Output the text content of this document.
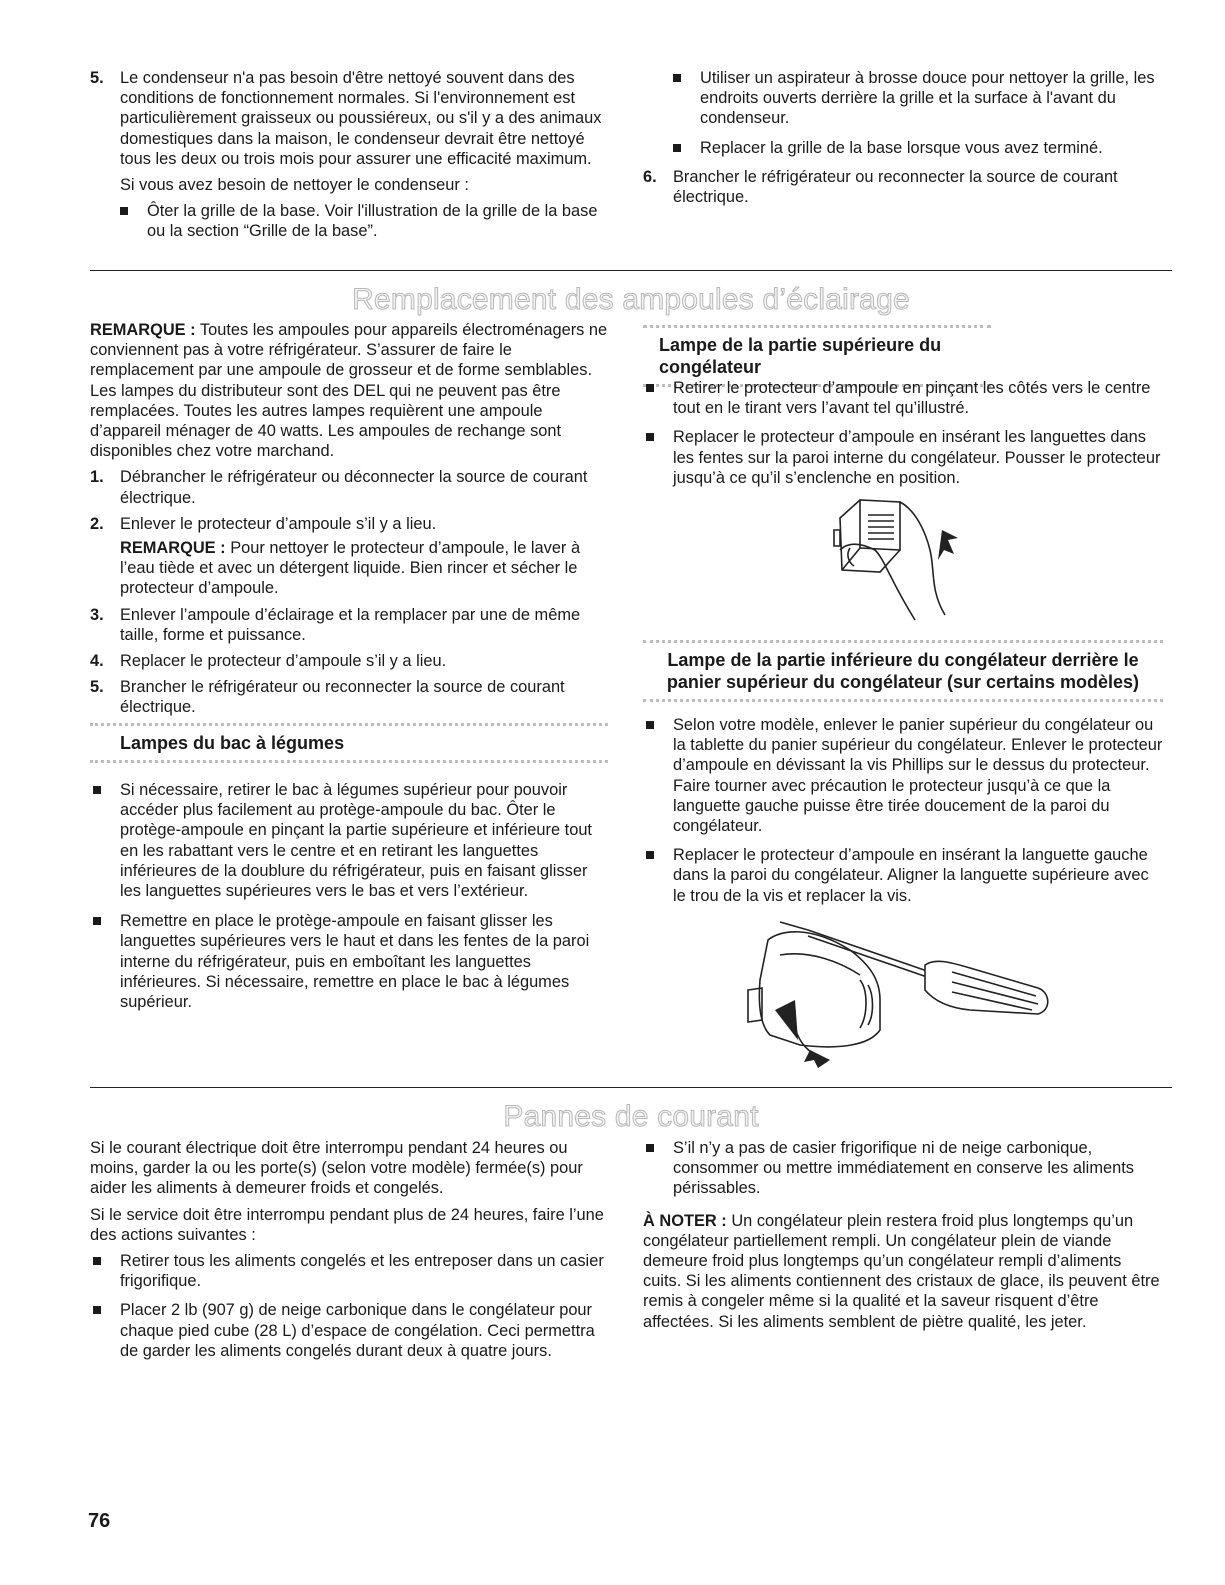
5. Le condenseur n'a pas besoin d'être nettoyé souvent dans des conditions de fonctionnement normales. Si l'environnement est particulièrement graisseux ou poussiéreux, ou s'il y a des animaux domestiques dans la maison, le condenseur devrait être nettoyé tous les deux ou trois mois pour assurer une efficacité maximum.

Si vous avez besoin de nettoyer le condenseur :

Ôter la grille de la base. Voir l'illustration de la grille de la base ou la section “Grille de la base”.

Utiliser un aspirateur à brosse douce pour nettoyer la grille, les endroits ouverts derrière la grille et la surface à l'avant du condenseur.

Replacer la grille de la base lorsque vous avez terminé.

6. Brancher le réfrigérateur ou reconnecter la source de courant électrique.

Remplacement des ampoules d’éclairage

REMARQUE : Toutes les ampoules pour appareils électroménagers ne conviennent pas à votre réfrigérateur. S’assurer de faire le remplacement par une ampoule de grosseur et de forme semblables. Les lampes du distributeur sont des DEL qui ne peuvent pas être remplacées. Toutes les autres lampes requièrent une ampoule d’appareil ménager de 40 watts. Les ampoules de rechange sont disponibles chez votre marchand.

1. Débrancher le réfrigérateur ou déconnecter la source de courant électrique.

2. Enlever le protecteur d’ampoule s’il y a lieu.

REMARQUE : Pour nettoyer le protecteur d’ampoule, le laver à l’eau tiède et avec un détergent liquide. Bien rincer et sécher le protecteur d’ampoule.

3. Enlever l’ampoule d’éclairage et la remplacer par une de même taille, forme et puissance.

4. Replacer le protecteur d’ampoule s’il y a lieu.

5. Brancher le réfrigérateur ou reconnecter la source de courant électrique.

Lampes du bac à légumes

Si nécessaire, retirer le bac à légumes supérieur pour pouvoir accéder plus facilement au protège-ampoule du bac. Ôter le protège-ampoule en pinçant la partie supérieure et inférieure tout en les rabattant vers le centre et en retirant les languettes inférieures de la doublure du réfrigérateur, puis en faisant glisser les languettes supérieures vers le bas et vers l’extérieur.

Remettre en place le protège-ampoule en faisant glisser les languettes supérieures vers le haut et dans les fentes de la paroi interne du réfrigérateur, puis en emboîtant les languettes inférieures. Si nécessaire, remettre en place le bac à légumes supérieur.

Lampe de la partie supérieure du congélateur

Retirer le protecteur d’ampoule en pinçant les côtés vers le centre tout en le tirant vers l’avant tel qu’illustré.

Replacer le protecteur d’ampoule en insérant les languettes dans les fentes sur la paroi interne du congélateur. Pousser le protecteur jusqu’à ce qu’il s’enclenche en position.

Lampe de la partie inférieure du congélateur derrière le
panier supérieur du congélateur (sur certains modèles)

Selon votre modèle, enlever le panier supérieur du congélateur ou la tablette du panier supérieur du congélateur. Enlever le protecteur d’ampoule en dévissant la vis Phillips sur le dessus du protecteur. Faire tourner avec précaution le protecteur jusqu’à ce que la languette gauche puisse être tirée doucement de la paroi du congélateur.

Replacer le protecteur d’ampoule en insérant la languette gauche dans la paroi du congélateur. Aligner la languette supérieure avec le trou de la vis et replacer la vis.

Pannes de courant

Si le courant électrique doit être interrompu pendant 24 heures ou moins, garder la ou les porte(s) (selon votre modèle) fermée(s) pour aider les aliments à demeurer froids et congelés.

Si le service doit être interrompu pendant plus de 24 heures, faire l’une des actions suivantes :

Retirer tous les aliments congelés et les entreposer dans un casier frigorifique.

Placer 2 lb (907 g) de neige carbonique dans le congélateur pour chaque pied cube (28 L) d’espace de congélation. Ceci permettra de garder les aliments congelés durant deux à quatre jours.

S’il n’y a pas de casier frigorifique ni de neige carbonique, consommer ou mettre immédiatement en conserve les aliments périssables.

À NOTER : Un congélateur plein restera froid plus longtemps qu’un congélateur partiellement rempli. Un congélateur plein de viande demeure froid plus longtemps qu’un congélateur rempli d’aliments cuits. Si les aliments contiennent des cristaux de glace, ils peuvent être remis à congeler même si la qualité et la saveur risquent d’être affectées. Si les aliments semblent de piètre qualité, les jeter.

76
